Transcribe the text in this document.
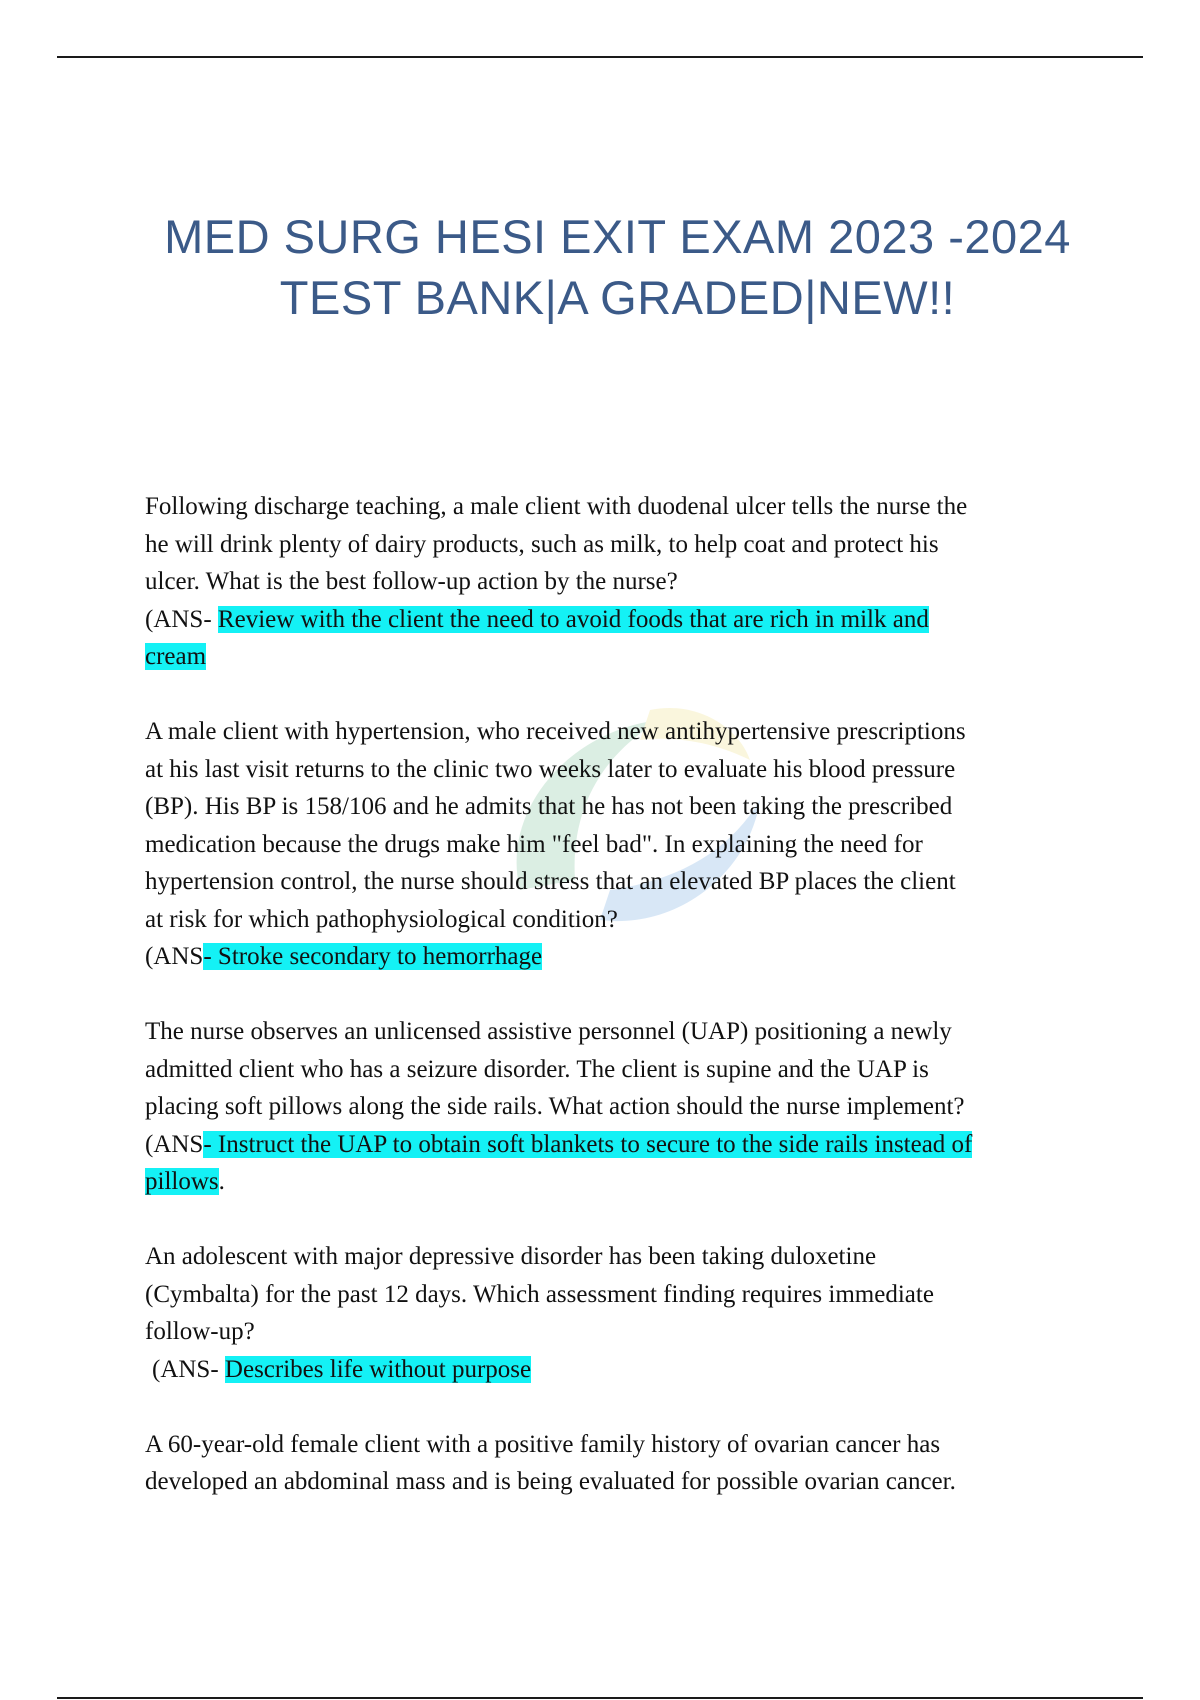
MED SURG HESI EXIT EXAM 2023 -2024
TEST BANK|A GRADED|NEW!!
Following discharge teaching, a male client with duodenal ulcer tells the nurse the
he will drink plenty of dairy products, such as milk, to help coat and protect his
ulcer. What is the best follow-up action by the nurse?
(ANS- Review with the client the need to avoid foods that are rich in milk and
cream
A male client with hypertension, who received new antihypertensive prescriptions
at his last visit returns to the clinic two weeks later to evaluate his blood pressure
(BP). His BP is 158/106 and he admits that he has not been taking the prescribed
medication because the drugs make him "feel bad". In explaining the need for
hypertension control, the nurse should stress that an elevated BP places the client
at risk for which pathophysiological condition?
(ANS- Stroke secondary to hemorrhage
The nurse observes an unlicensed assistive personnel (UAP) positioning a newly
admitted client who has a seizure disorder. The client is supine and the UAP is
placing soft pillows along the side rails. What action should the nurse implement?
(ANS- Instruct the UAP to obtain soft blankets to secure to the side rails instead of
pillows.
An adolescent with major depressive disorder has been taking duloxetine
(Cymbalta) for the past 12 days. Which assessment finding requires immediate
follow-up?
(ANS- Describes life without purpose
A 60-year-old female client with a positive family history of ovarian cancer has
developed an abdominal mass and is being evaluated for possible ovarian cancer.
